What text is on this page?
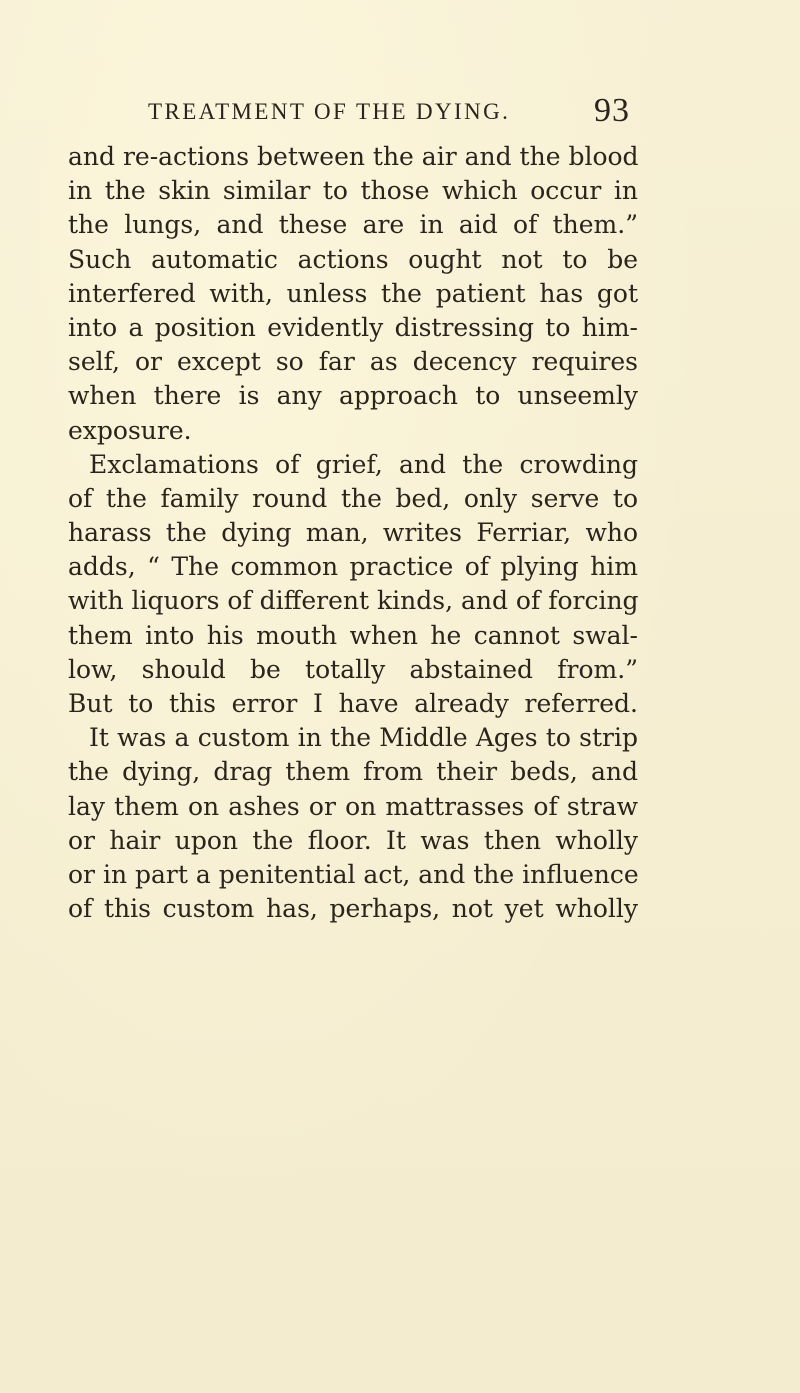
TREATMENT OF THE DYING. 93
and re-actions between the air and the blood
in the skin similar to those which occur in
the lungs, and these are in aid of them.”
Such automatic actions ought not to be
interfered with, unless the patient has got
into a position evidently distressing to him-
self, or except so far as decency requires
when there is any approach to unseemly
exposure.
Exclamations of grief, and the crowding
of the family round the bed, only serve to
harass the dying man, writes Ferriar, who
adds, “ The common practice of plying him
with liquors of different kinds, and of forcing
them into his mouth when he cannot swal-
low, should be totally abstained from.”
But to this error I have already referred.
It was a custom in the Middle Ages to strip
the dying, drag them from their beds, and
lay them on ashes or on mattrasses of straw
or hair upon the floor. It was then wholly
or in part a penitential act, and the influence
of this custom has, perhaps, not yet wholly
